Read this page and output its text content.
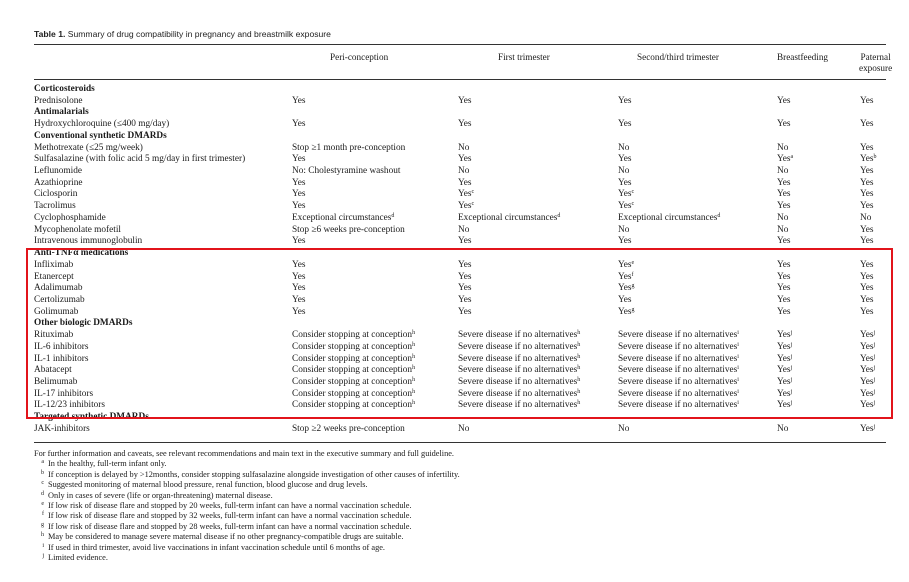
Table 1. Summary of drug compatibility in pregnancy and breastmilk exposure
Peri-conception	First trimester	Second/third trimester	Breastfeeding	Paternal
exposure
Corticosteroids
Prednisolone	Yes	Yes	Yes	Yes	Yes
Antimalarials
Hydroxychloroquine (≤400 mg/day)	Yes	Yes	Yes	Yes	Yes
Conventional synthetic DMARDs
Methotrexate (≤25 mg/week)	Stop ≥1 month pre-conception	No	No	No	Yes
Sulfasalazine (with folic acid 5 mg/day in first trimester)	Yes	Yes	Yes	Yes$^a$	Yes$^b$
Leflunomide	No: Cholestyramine washout	No	No	No	Yes
Azathioprine	Yes	Yes	Yes	Yes	Yes
Ciclosporin	Yes	Yes$^c$	Yes$^c$	Yes	Yes
Tacrolimus	Yes	Yes$^c$	Yes$^c$	Yes	Yes
Cyclophosphamide	Exceptional circumstances$^d$	Exceptional circumstances$^d$	Exceptional circumstances$^d$	No	No
Mycophenolate mofetil	Stop ≥6 weeks pre-conception	No	No	No	Yes
Intravenous immunoglobulin	Yes	Yes	Yes	Yes	Yes
Anti-TNFα medications
Infliximab	Yes	Yes	Yes$^e$	Yes	Yes
Etanercept	Yes	Yes	Yes$^f$	Yes	Yes
Adalimumab	Yes	Yes	Yes$^g$	Yes	Yes
Certolizumab	Yes	Yes	Yes	Yes	Yes
Golimumab	Yes	Yes	Yes$^g$	Yes	Yes
Other biologic DMARDs
Rituximab	Consider stopping at conception$^h$	Severe disease if no alternatives$^h$	Severe disease if no alternatives$^i$	Yes$^j$	Yes$^j$
IL-6 inhibitors	Consider stopping at conception$^h$	Severe disease if no alternatives$^h$	Severe disease if no alternatives$^i$	Yes$^j$	Yes$^j$
IL-1 inhibitors	Consider stopping at conception$^h$	Severe disease if no alternatives$^h$	Severe disease if no alternatives$^i$	Yes$^j$	Yes$^j$
Abatacept	Consider stopping at conception$^h$	Severe disease if no alternatives$^h$	Severe disease if no alternatives$^i$	Yes$^j$	Yes$^j$
Belimumab	Consider stopping at conception$^h$	Severe disease if no alternatives$^h$	Severe disease if no alternatives$^i$	Yes$^j$	Yes$^j$
IL-17 inhibitors	Consider stopping at conception$^h$	Severe disease if no alternatives$^h$	Severe disease if no alternatives$^i$	Yes$^j$	Yes$^j$
IL-12/23 inhibitors	Consider stopping at conception$^h$	Severe disease if no alternatives$^h$	Severe disease if no alternatives$^i$	Yes$^j$	Yes$^j$
Targeted synthetic DMARDs
JAK-inhibitors	Stop ≥2 weeks pre-conception	No	No	No	Yes$^j$
For further information and caveats, see relevant recommendations and main text in the executive summary and full guideline.
a In the healthy, full-term infant only.
b If conception is delayed by >12months, consider stopping sulfasalazine alongside investigation of other causes of infertility.
c Suggested monitoring of maternal blood pressure, renal function, blood glucose and drug levels.
d Only in cases of severe (life or organ-threatening) maternal disease.
e If low risk of disease flare and stopped by 20 weeks, full-term infant can have a normal vaccination schedule.
f If low risk of disease flare and stopped by 32 weeks, full-term infant can have a normal vaccination schedule.
g If low risk of disease flare and stopped by 28 weeks, full-term infant can have a normal vaccination schedule.
h May be considered to manage severe maternal disease if no other pregnancy-compatible drugs are suitable.
i If used in third trimester, avoid live vaccinations in infant vaccination schedule until 6 months of age.
j Limited evidence.
